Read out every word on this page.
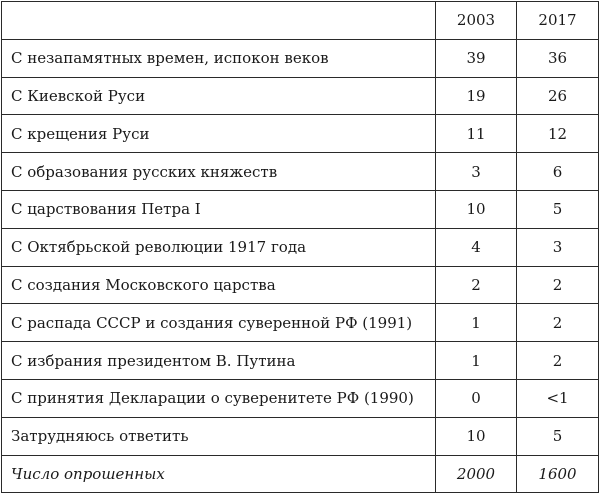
	2003	2017
С незапамятных времен, испокон веков	39	36
С Киевской Руси	19	26
С крещения Руси	11	12
С образования русских княжеств	3	6
С царствования Петра I	10	5
С Октябрьской революции 1917 года	4	3
С создания Московского царства	2	2
С распада СССР и создания суверенной РФ (1991)	1	2
С избрания президентом В. Путина	1	2
С принятия Декларации о суверенитете РФ (1990)	0	<1
Затрудняюсь ответить	10	5
Число опрошенных	2000	1600
